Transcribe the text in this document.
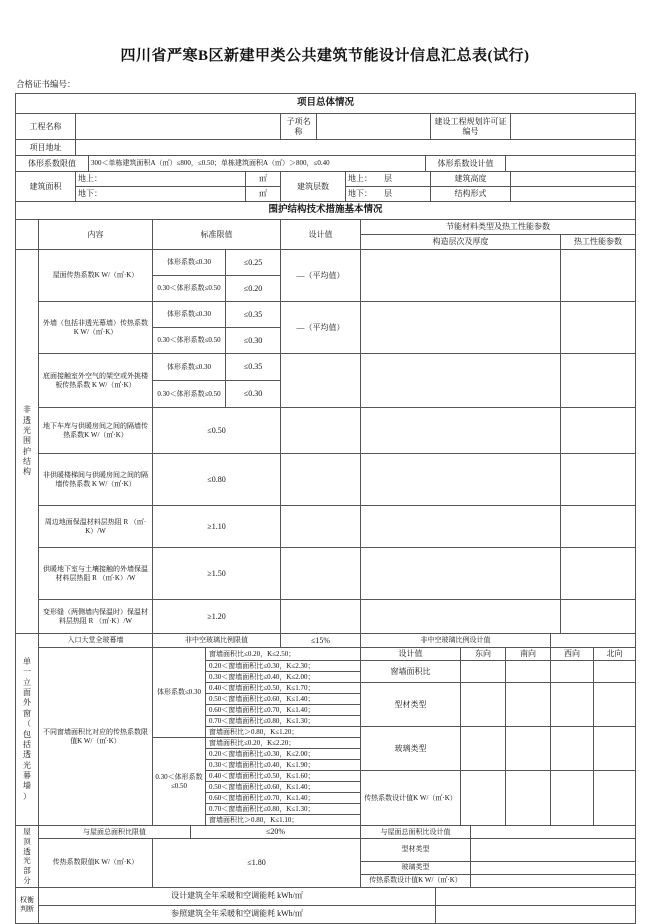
四川省严寒B区新建甲类公共建筑节能设计信息汇总表(试行)
合格证书编号：
项目总体情况
工程名称		子项名称		建设工程规划许可证编号	
项目地址	
体形系数限值	300＜单栋建筑面积A（㎡）≤800，≤0.50；单栋建筑面积A（㎡）＞800，≤0.40	体形系数设计值	
建筑面积	地上：	㎡	建筑层数	地上：　　层	建筑高度	
	地下：	㎡		地下：　　层	结构形式	
围护结构技术措施基本情况
	内容	标准限值		设计值	节能材料类型及热工性能参数	
					构造层次及厚度	热工性能参数

非透光围护结构	屋面传热系数K W/（㎡·K）	体形系数≤0.30	≤0.25	—（平均值）		
		0.30＜体形系数≤0.50	≤0.20			
	外墙（包括非透光幕墙）传热系数K W/（㎡·K）	体形系数≤0.30	≤0.35	—（平均值）		
		0.30＜体形系数≤0.50	≤0.30			
	底面接触室外空气的架空或外挑楼板传热系数 K W/（㎡·K）	体形系数≤0.30	≤0.35			
		0.30＜体形系数≤0.50	≤0.30			
	地下车库与供暖房间之间的隔墙传热系数K W/（㎡·K）	≤0.50				
	非供暖楼梯间与供暖房间之间的隔墙传热系数 K W/（㎡·K）	≤0.80				
	周边地面保温材料层热阻 R （㎡·K）/W	≥1.10				
	供暖地下室与土壤接触的外墙保温材料层热阻 R （㎡·K）/W	≥1.50				
	变形缝（两侧墙内保温时）保温材料层热阻 R （㎡·K）/W	≥1.20				
单一立面外窗（包括透光幕墙）	入口大堂全玻幕墙	非中空玻璃比例限值		≤15%	非中空玻璃比例设计值				
	不同窗墙面积比对应的传热系数限值K W/（㎡·K）	体形系数≤0.30	窗墙面积比≤0.20，K≤2.50；		设计值	东向	南向	西向	北向
			0.20＜窗墙面积比≤0.30，K≤2.30；		窗墙面积比				
			0.30＜窗墙面积比≤0.40，K≤2.00；						
			0.40＜窗墙面积比≤0.50，K≤1.70；		型材类型				
			0.50＜窗墙面积比≤0.60，K≤1.40；						
			0.60＜窗墙面积比≤0.70，K≤1.40；						
			0.70＜窗墙面积比≤0.80，K≤1.30；						
			窗墙面积比＞0.80，K≤1.20；		玻璃类型				
		0.30＜体形系数≤0.50	窗墙面积比≤0.20，K≤2.20；						
			0.20＜窗墙面积比≤0.30，K≤2.00；						
			0.30＜窗墙面积比≤0.40，K≤1.90；						
			0.40＜窗墙面积比≤0.50，K≤1.60；		传热系数设计值K W/（㎡·K）				
			0.50＜窗墙面积比≤0.60，K≤1.40；						
			0.60＜窗墙面积比≤0.70，K≤1.40；						
			0.70＜窗墙面积比≤0.80，K≤1.30；						
			窗墙面积比＞0.80，K≤1.10；						
屋顶透光部分	与屋面总面积比限值		≤20%	与屋面总面积比设计值	
	传热系数限值K W/（㎡·K）	≤1.80		型材类型	
				玻璃类型	
				传热系数设计值K W/（㎡·K）	
权衡判断	设计建筑全年采暖和空调能耗 kWh/㎡	
	参照建筑全年采暖和空调能耗 kWh/㎡	
